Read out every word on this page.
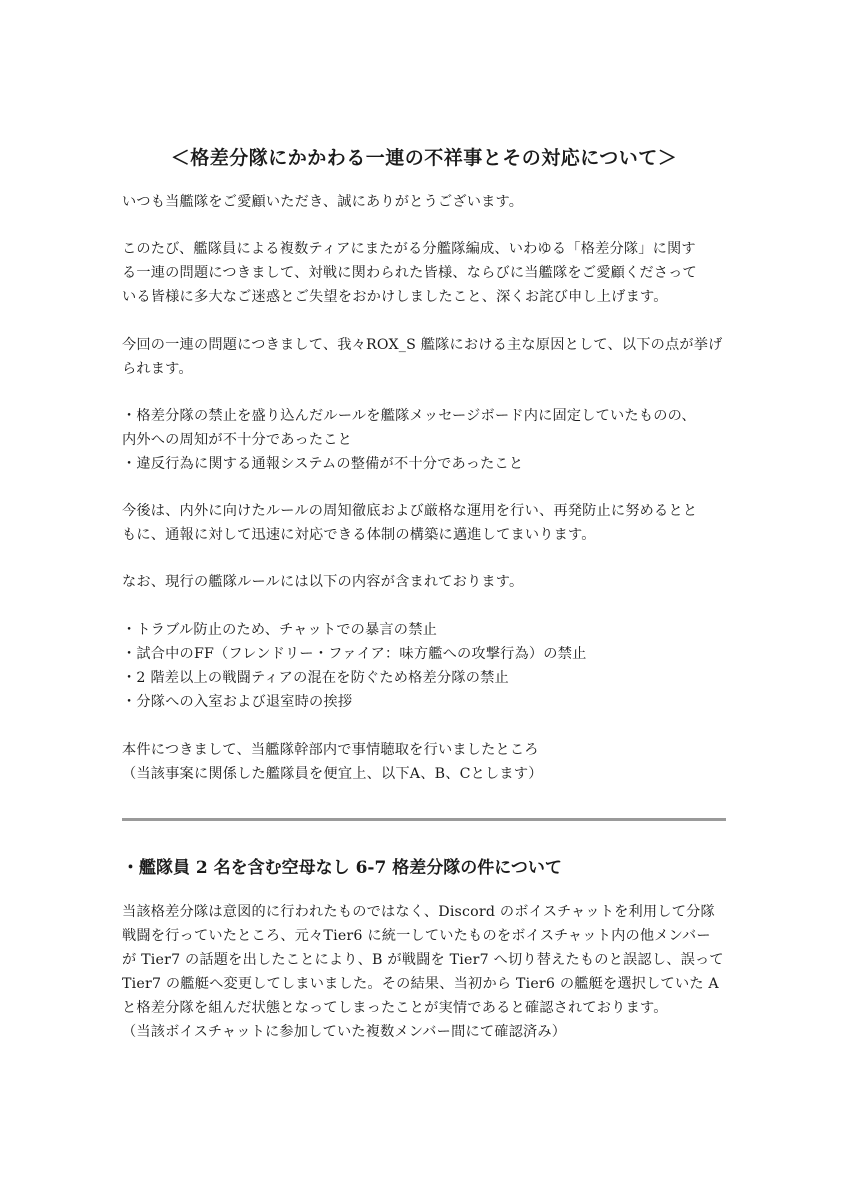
＜格差分隊にかかわる一連の不祥事とその対応について＞
いつも当艦隊をご愛顧いただき、誠にありがとうございます。
このたび、艦隊員による複数ティアにまたがる分艦隊編成、いわゆる「格差分隊」に関す
る一連の問題につきまして、対戦に関わられた皆様、ならびに当艦隊をご愛顧くださって
いる皆様に多大なご迷惑とご失望をおかけしましたこと、深くお詫び申し上げます。
今回の一連の問題につきまして、我々ROX_S 艦隊における主な原因として、以下の点が挙げ
られます。
・格差分隊の禁止を盛り込んだルールを艦隊メッセージボード内に固定していたものの、
内外への周知が不十分であったこと
・違反行為に関する通報システムの整備が不十分であったこと
今後は、内外に向けたルールの周知徹底および厳格な運用を行い、再発防止に努めるとと
もに、通報に対して迅速に対応できる体制の構築に邁進してまいります。
なお、現行の艦隊ルールには以下の内容が含まれております。
・トラブル防止のため、チャットでの暴言の禁止
・試合中のFF（フレンドリー・ファイア：味方艦への攻撃行為）の禁止
・2 階差以上の戦闘ティアの混在を防ぐため格差分隊の禁止
・分隊への入室および退室時の挨拶
本件につきまして、当艦隊幹部内で事情聴取を行いましたところ
（当該事案に関係した艦隊員を便宜上、以下A、B、Cとします）
・艦隊員 2 名を含む空母なし 6-7 格差分隊の件について
当該格差分隊は意図的に行われたものではなく、Discord のボイスチャットを利用して分隊
戦闘を行っていたところ、元々Tier6 に統一していたものをボイスチャット内の他メンバー
が Tier7 の話題を出したことにより、B が戦闘を Tier7 へ切り替えたものと誤認し、誤って
Tier7 の艦艇へ変更してしまいました。その結果、当初から Tier6 の艦艇を選択していた A
と格差分隊を組んだ状態となってしまったことが実情であると確認されております。
（当該ボイスチャットに参加していた複数メンバー間にて確認済み）
